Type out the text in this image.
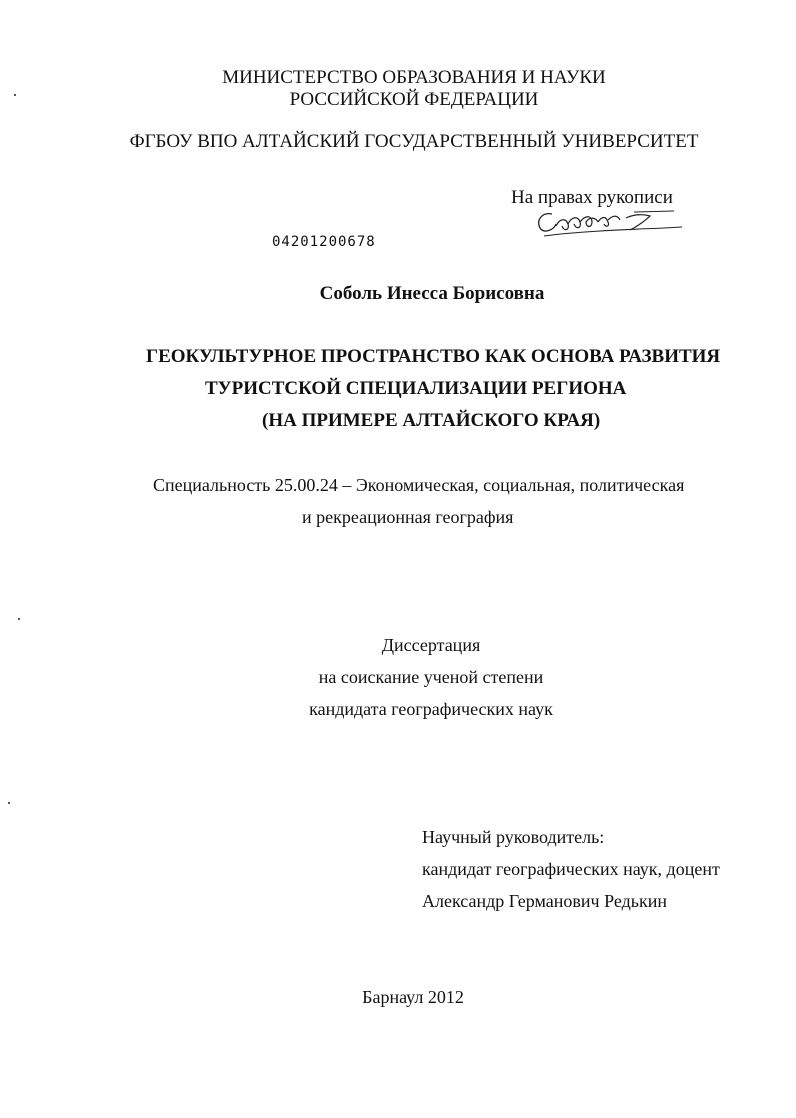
МИНИСТЕРСТВО ОБРАЗОВАНИЯ И НАУКИ
РОССИЙСКОЙ ФЕДЕРАЦИИ
ФГБОУ ВПО АЛТАЙСКИЙ ГОСУДАРСТВЕННЫЙ УНИВЕРСИТЕТ
На правах рукописи
04201200678
Соболь Инесса Борисовна
ГЕОКУЛЬТУРНОЕ ПРОСТРАНСТВО КАК ОСНОВА РАЗВИТИЯ
ТУРИСТСКОЙ СПЕЦИАЛИЗАЦИИ РЕГИОНА
(НА ПРИМЕРЕ АЛТАЙСКОГО КРАЯ)
Специальность 25.00.24 – Экономическая, социальная, политическая
и рекреационная география
Диссертация
на соискание ученой степени
кандидата географических наук
Научный руководитель:
кандидат географических наук, доцент
Александр Германович Редькин
Барнаул 2012
